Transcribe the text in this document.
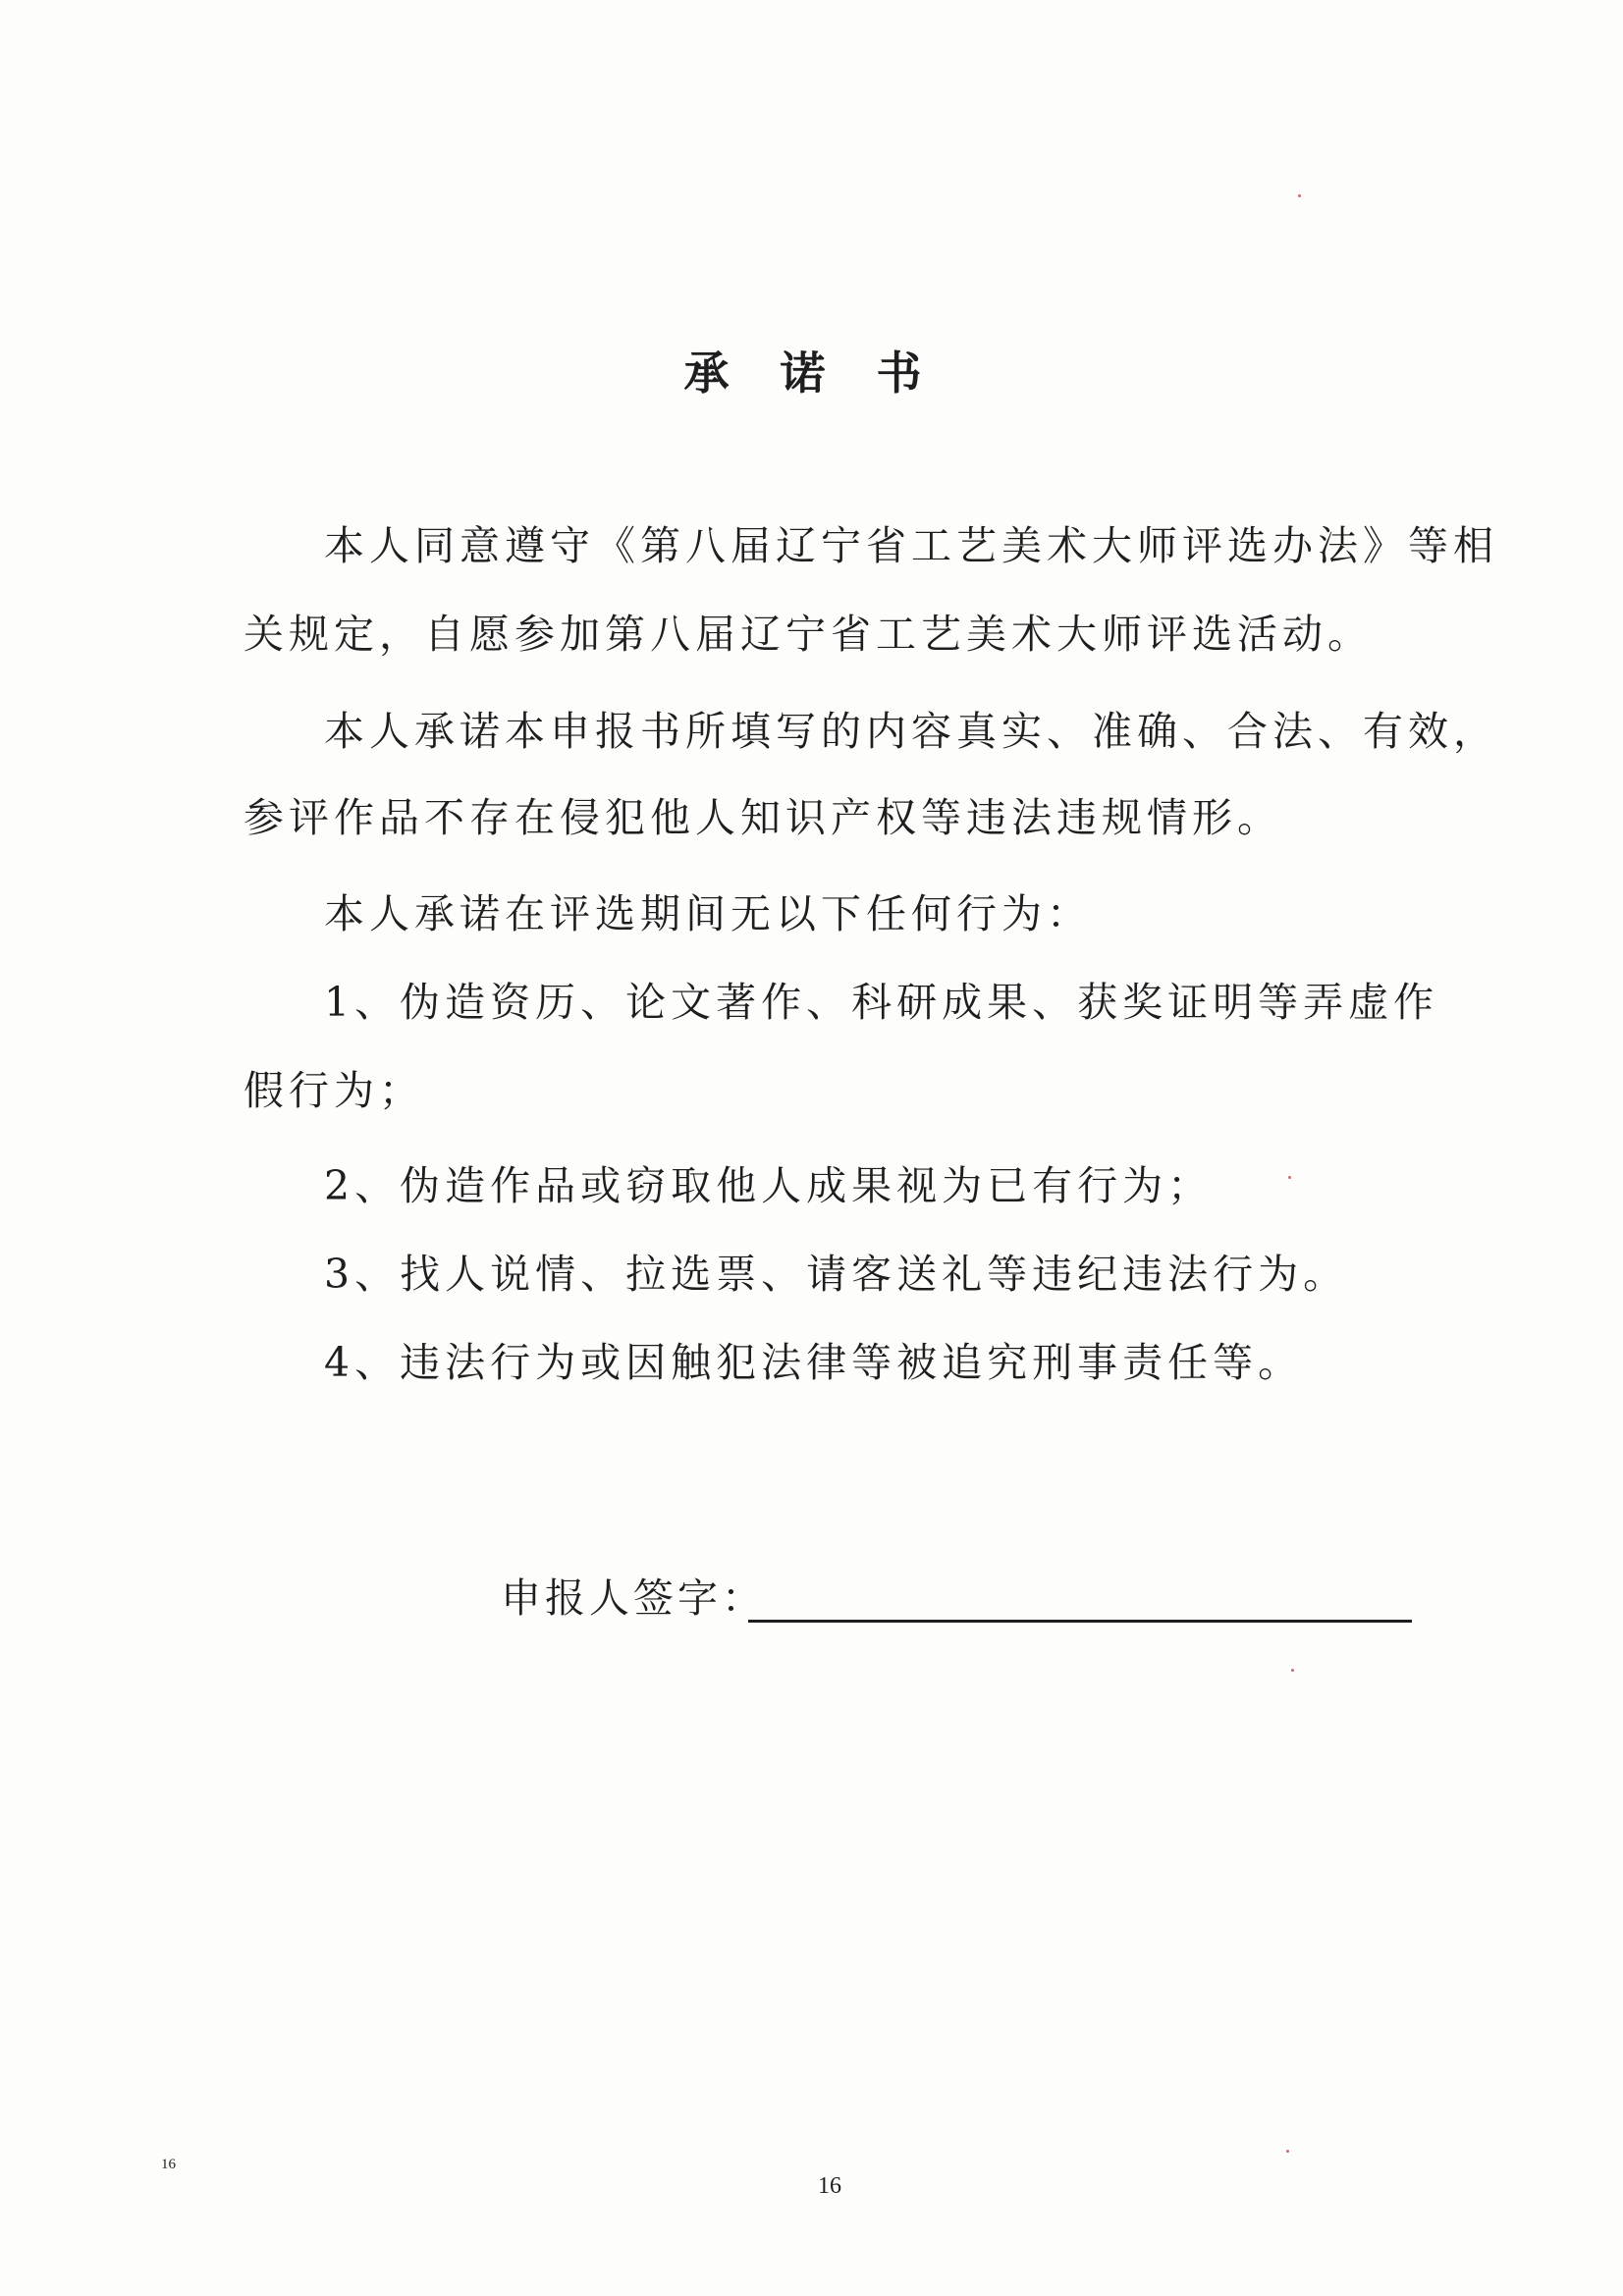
承 诺 书
本人同意遵守《第八届辽宁省工艺美术大师评选办法》等相
关规定，自愿参加第八届辽宁省工艺美术大师评选活动。
本人承诺本申报书所填写的内容真实、准确、合法、有效，
参评作品不存在侵犯他人知识产权等违法违规情形。
本人承诺在评选期间无以下任何行为：
1、伪造资历、论文著作、科研成果、获奖证明等弄虚作
假行为；
2、伪造作品或窃取他人成果视为已有行为；
3、找人说情、拉选票、请客送礼等违纪违法行为。
4、违法行为或因触犯法律等被追究刑事责任等。
申报人签字：
16
16
